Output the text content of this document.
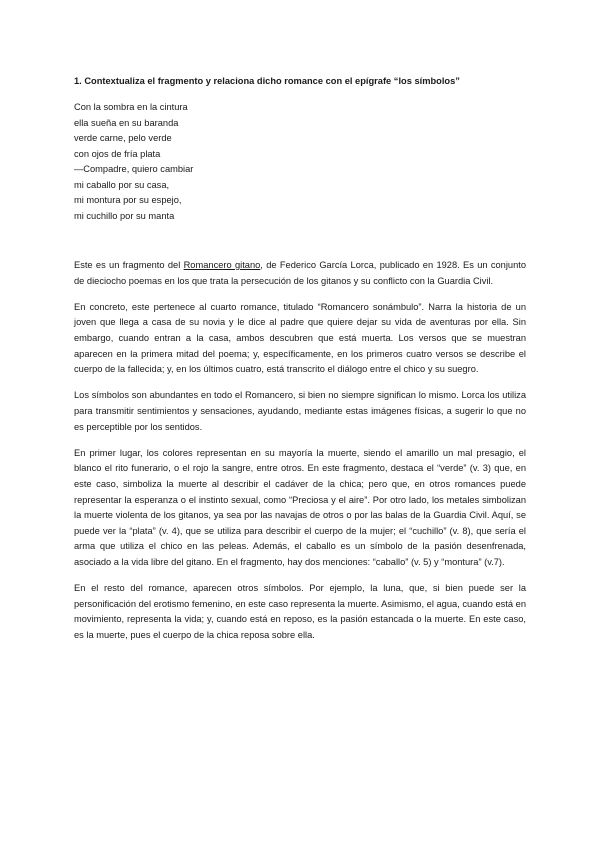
1. Contextualiza el fragmento y relaciona dicho romance con el epígrafe “los símbolos”
Con la sombra en la cintura
ella sueña en su baranda
verde carne, pelo verde
con ojos de fría plata
—Compadre, quiero cambiar
mi caballo por su casa,
mi montura por su espejo,
mi cuchillo por su manta

Este es un fragmento del Romancero gitano, de Federico García Lorca, publicado en 1928. Es un conjunto de dieciocho poemas en los que trata la persecución de los gitanos y su conflicto con la Guardia Civil.

En concreto, este pertenece al cuarto romance, titulado “Romancero sonámbulo”. Narra la historia de un joven que llega a casa de su novia y le dice al padre que quiere dejar su vida de aventuras por ella. Sin embargo, cuando entran a la casa, ambos descubren que está muerta. Los versos que se muestran aparecen en la primera mitad del poema; y, específicamente, en los primeros cuatro versos se describe el cuerpo de la fallecida; y, en los últimos cuatro, está transcrito el diálogo entre el chico y su suegro.

Los símbolos son abundantes en todo el Romancero, si bien no siempre significan lo mismo. Lorca los utiliza para transmitir sentimientos y sensaciones, ayudando, mediante estas imágenes físicas, a sugerir lo que no es perceptible por los sentidos.

En primer lugar, los colores representan en su mayoría la muerte, siendo el amarillo un mal presagio, el blanco el rito funerario, o el rojo la sangre, entre otros. En este fragmento, destaca el “verde” (v. 3) que, en este caso, simboliza la muerte al describir el cadáver de la chica; pero que, en otros romances puede representar la esperanza o el instinto sexual, como “Preciosa y el aire”. Por otro lado, los metales simbolizan la muerte violenta de los gitanos, ya sea por las navajas de otros o por las balas de la Guardia Civil. Aquí, se puede ver la “plata” (v. 4), que se utiliza para describir el cuerpo de la mujer; el “cuchillo” (v. 8), que sería el arma que utiliza el chico en las peleas. Además, el caballo es un símbolo de la pasión desenfrenada, asociado a la vida libre del gitano. En el fragmento, hay dos menciones: “caballo” (v. 5) y “montura” (v.7).

En el resto del romance, aparecen otros símbolos. Por ejemplo, la luna, que, si bien puede ser la personificación del erotismo femenino, en este caso representa la muerte. Asimismo, el agua, cuando está en movimiento, representa la vida; y, cuando está en reposo, es la pasión estancada o la muerte. En este caso, es la muerte, pues el cuerpo de la chica reposa sobre ella.
